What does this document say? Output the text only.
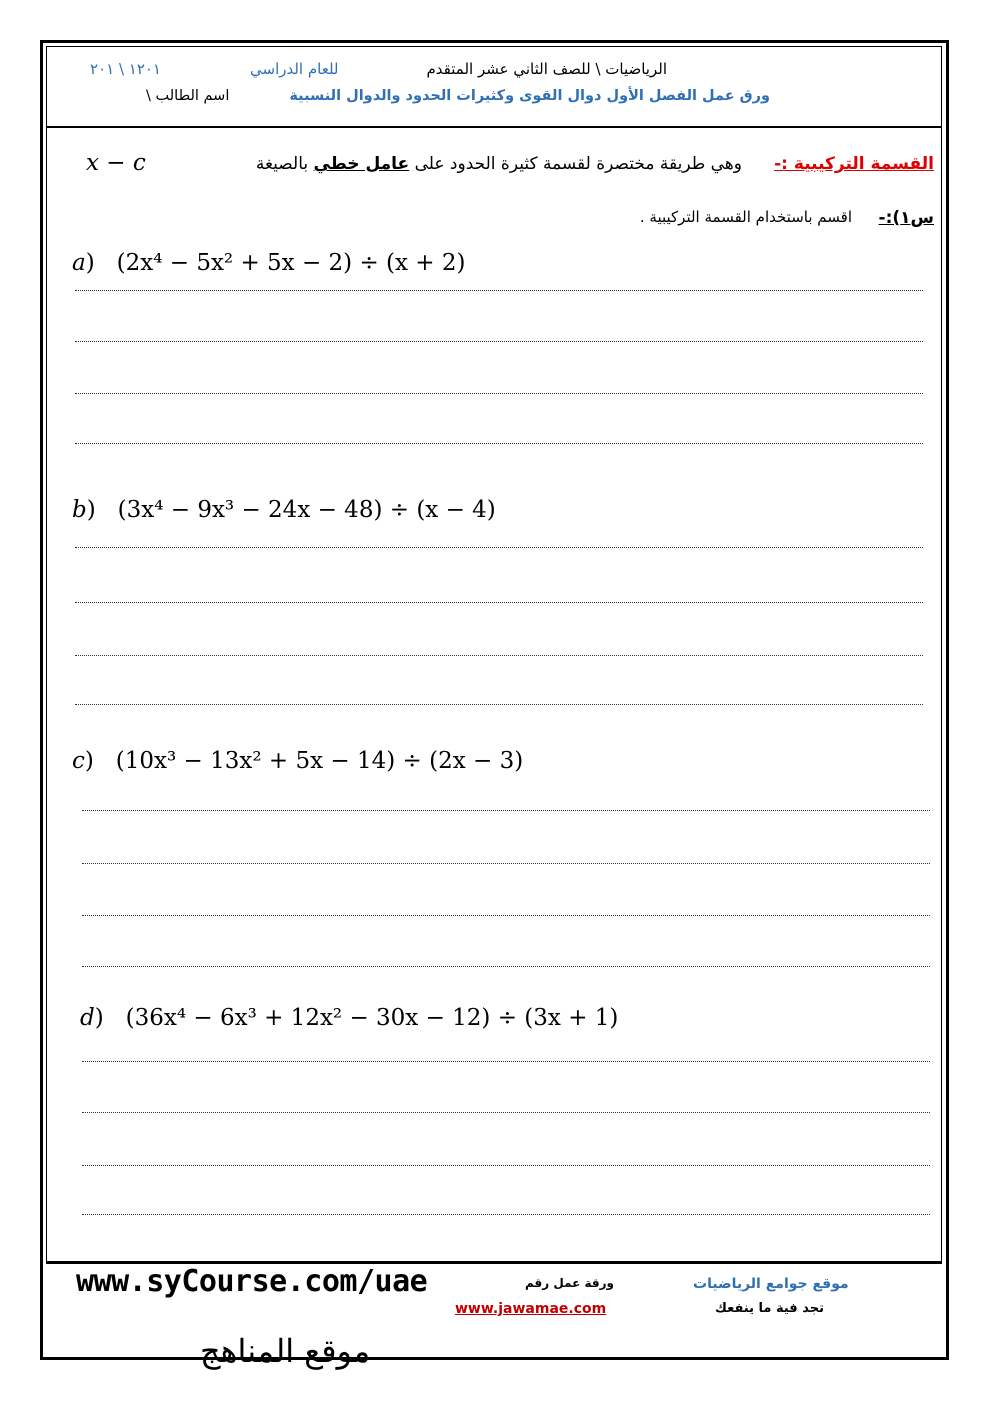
الرياضيات \ للصف الثاني عشر المتقدم
للعام الدراسي
١٢٠١ \ ٢٠١
ورق عمل الفصل الأول دوال القوى وكثيرات الحدود والدوال النسبية
اسم الطالب \
القسمة التركيبية :-
وهي طريقة مختصرة لقسمة كثيرة الحدود على عامل خطي بالصيغة
x − c
س١):-
اقسم باستخدام القسمة التركيبية .
a)   (2x⁴ − 5x² + 5x − 2) ÷ (x + 2)
b)   (3x⁴ − 9x³ − 24x − 48) ÷ (x − 4)
c)   (10x³ − 13x² + 5x − 14) ÷ (2x − 3)
d)   (36x⁴ − 6x³ + 12x² − 30x − 12) ÷ (3x + 1)
www.syCourse.com/uae	ورقة عمل رقم
www.jawamae.com
موقع جوامع الرياضيات
تجد فية ما ينفعك
موقع المناهج
